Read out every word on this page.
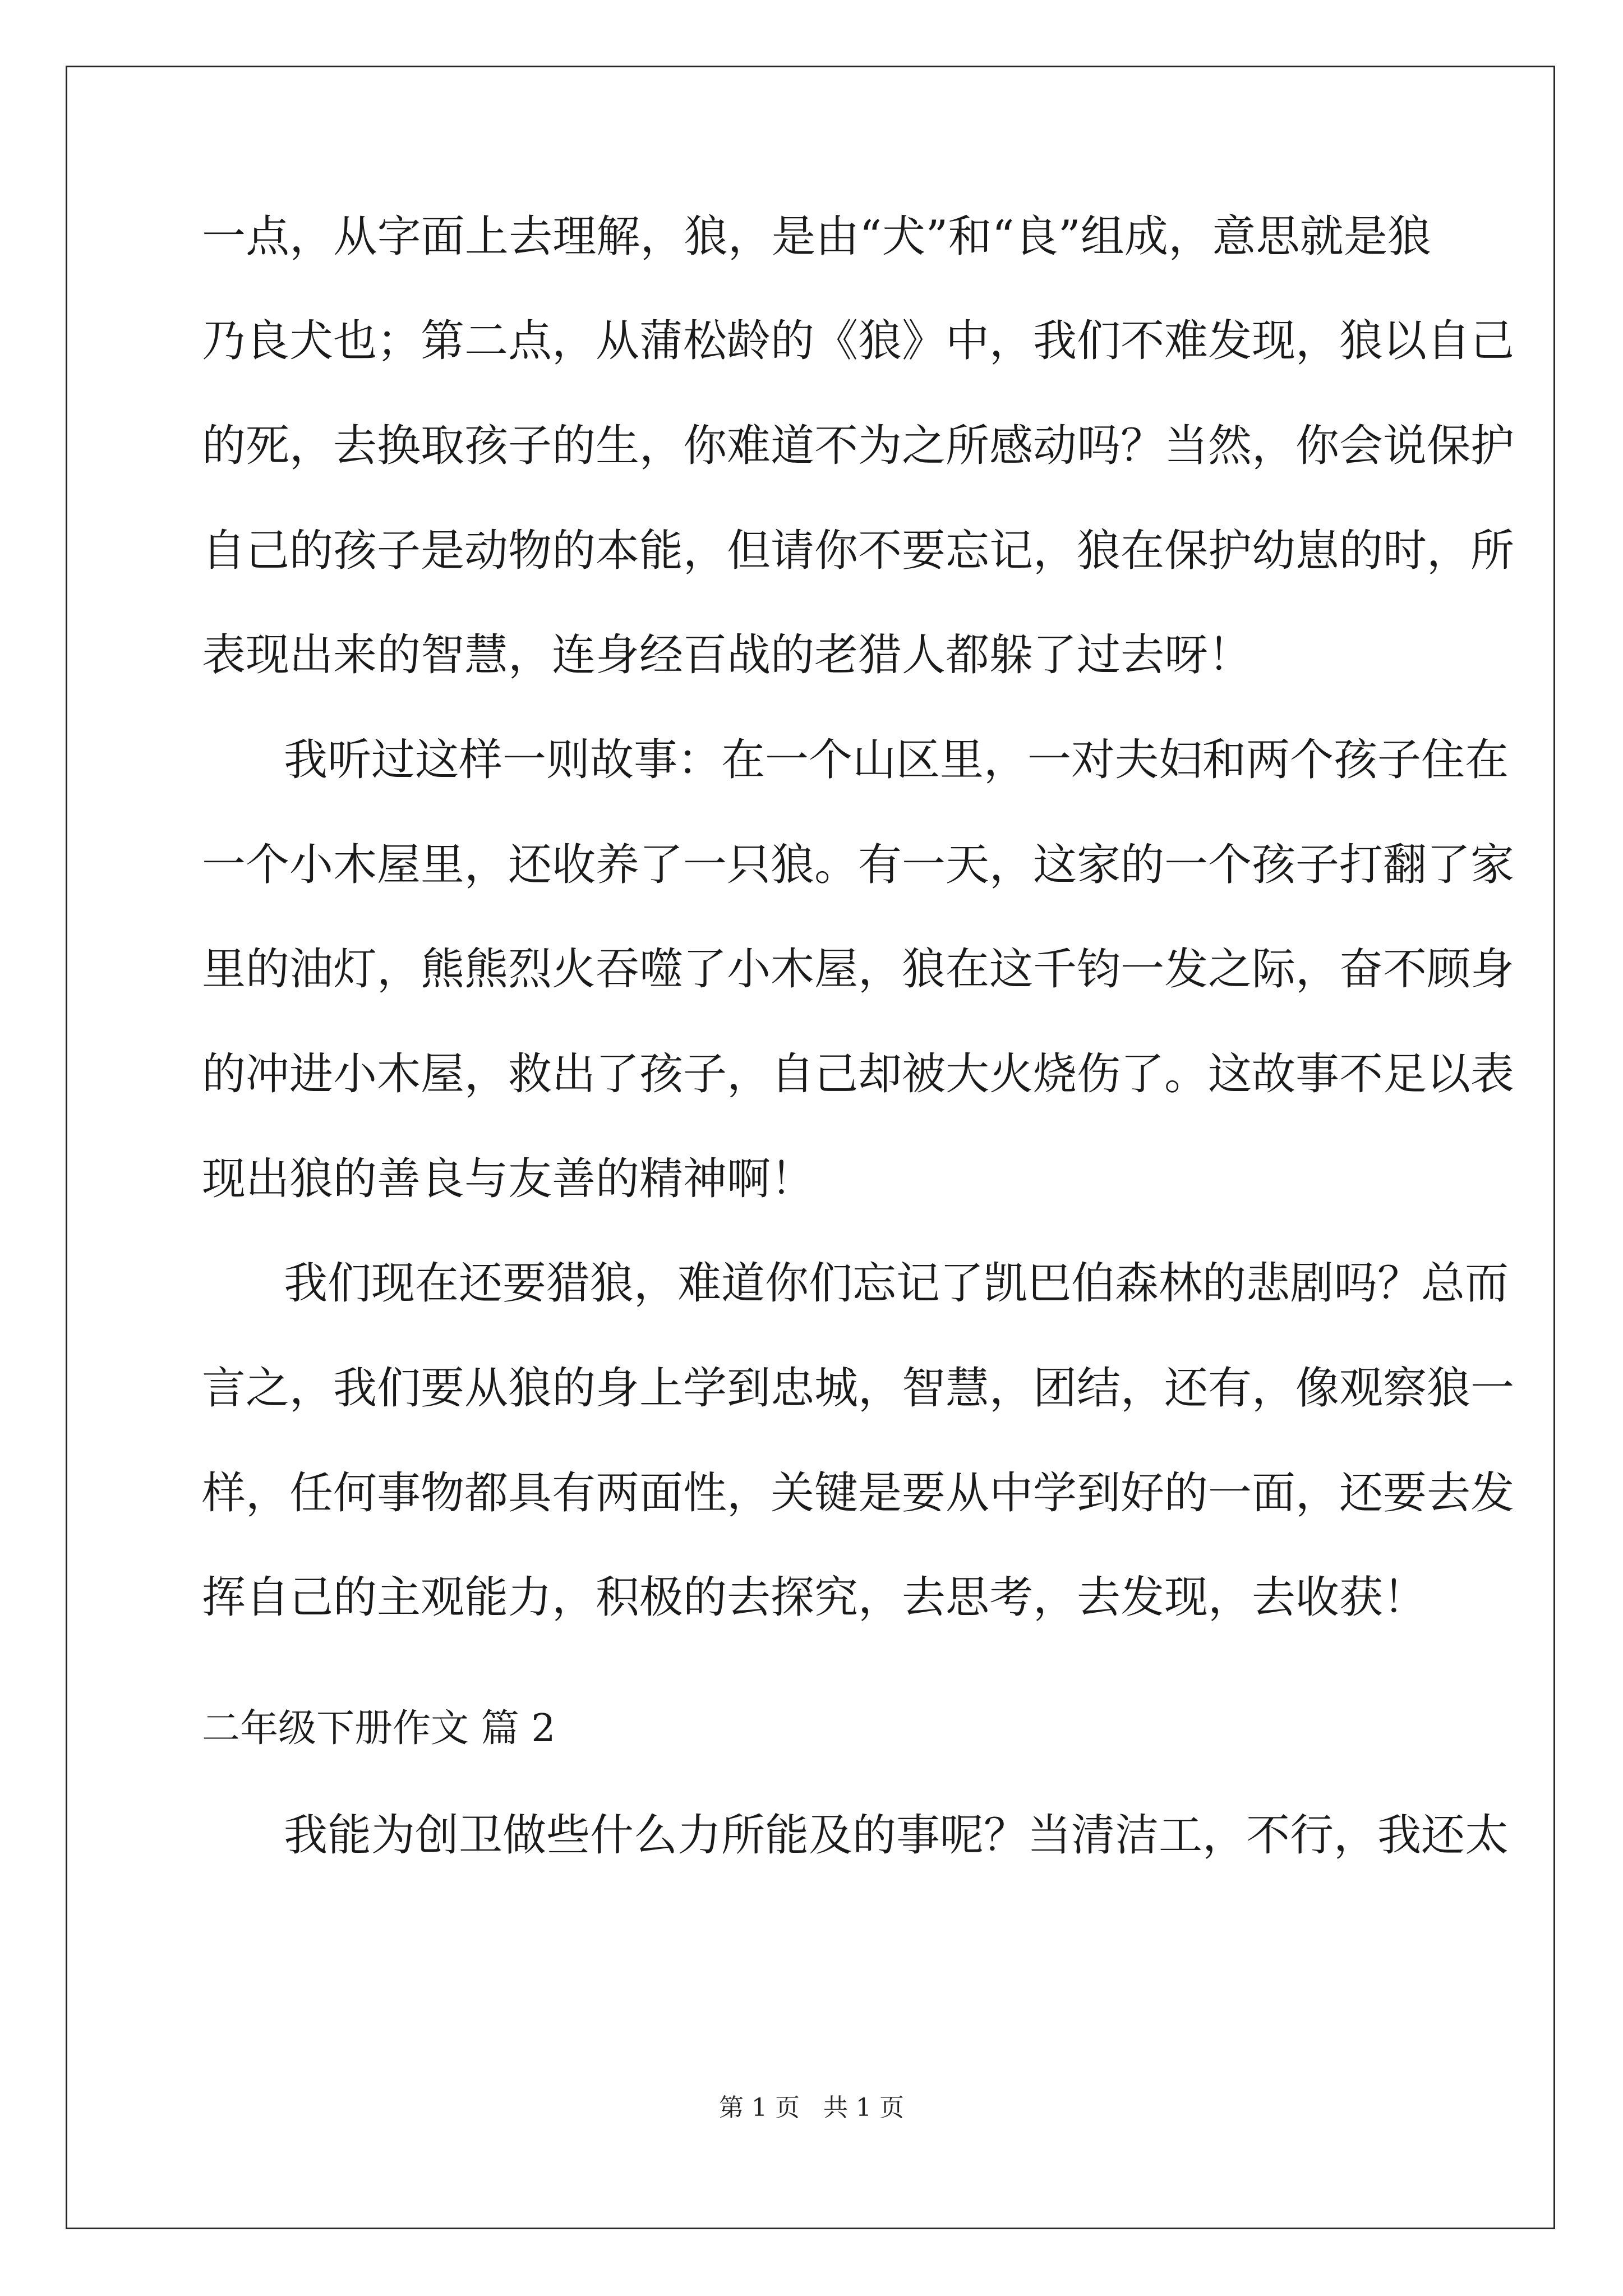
一点，从字面上去理解，狼，是由“犬”和“良”组成，意思就是狼
乃良犬也；第二点，从蒲松龄的《狼》中，我们不难发现，狼以自己
的死，去换取孩子的生，你难道不为之所感动吗？当然，你会说保护
自己的孩子是动物的本能，但请你不要忘记，狼在保护幼崽的时，所
表现出来的智慧，连身经百战的老猎人都躲了过去呀！
我听过这样一则故事：在一个山区里，一对夫妇和两个孩子住在
一个小木屋里，还收养了一只狼。有一天，这家的一个孩子打翻了家
里的油灯，熊熊烈火吞噬了小木屋，狼在这千钧一发之际，奋不顾身
的冲进小木屋，救出了孩子，自己却被大火烧伤了。这故事不足以表
现出狼的善良与友善的精神啊！
我们现在还要猎狼，难道你们忘记了凯巴伯森林的悲剧吗？总而
言之，我们要从狼的身上学到忠城，智慧，团结，还有，像观察狼一
样，任何事物都具有两面性，关键是要从中学到好的一面，还要去发
挥自己的主观能力，积极的去探究，去思考，去发现，去收获！
二年级下册作文 篇 2
我能为创卫做些什么力所能及的事呢？当清洁工，不行，我还太
第 1 页   共 1 页
